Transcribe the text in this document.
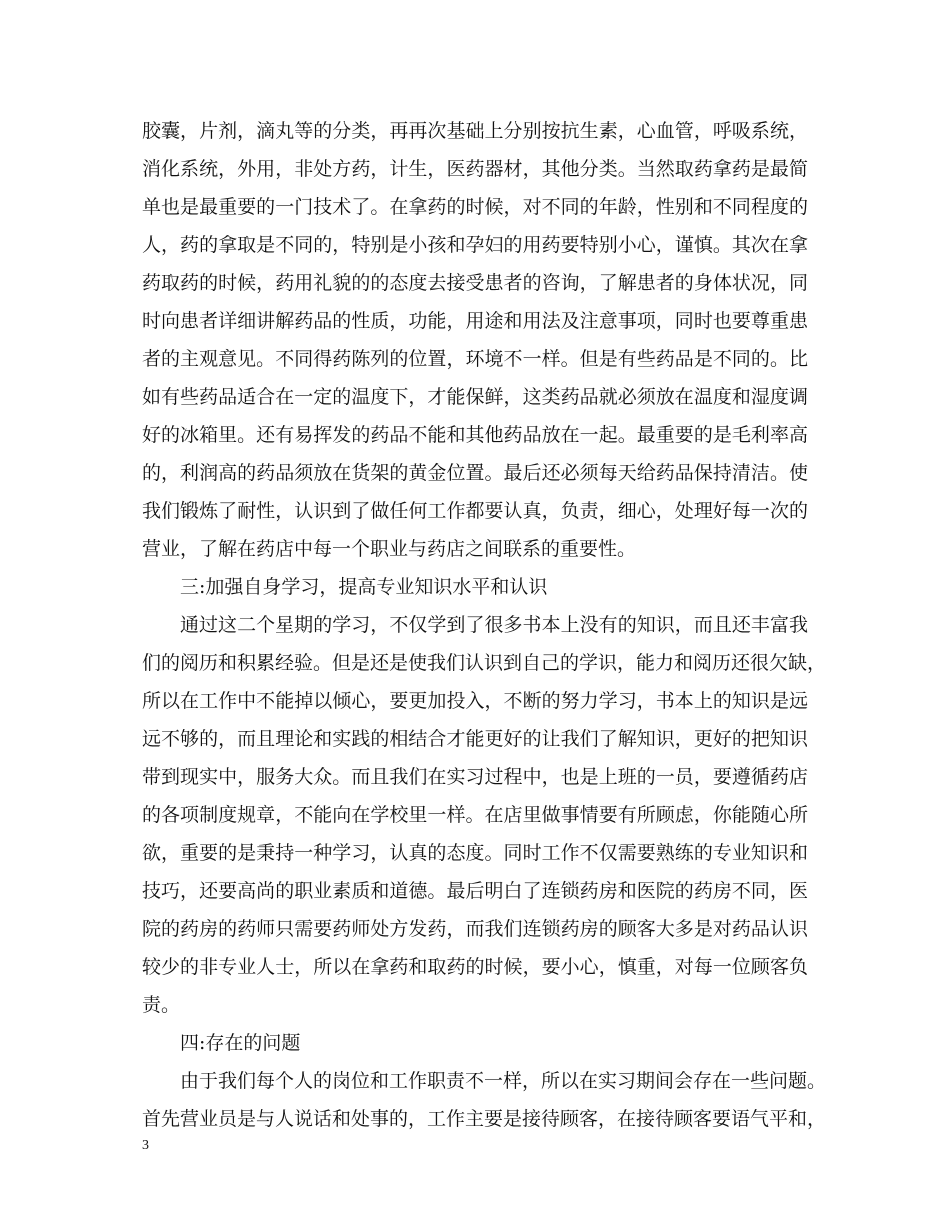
胶囊，片剂，滴丸等的分类，再再次基础上分别按抗生素，心血管，呼吸系统，
消化系统，外用，非处方药，计生，医药器材，其他分类。当然取药拿药是最简
单也是最重要的一门技术了。在拿药的时候，对不同的年龄，性别和不同程度的
人，药的拿取是不同的，特别是小孩和孕妇的用药要特别小心，谨慎。其次在拿
药取药的时候，药用礼貌的的态度去接受患者的咨询，了解患者的身体状况，同
时向患者详细讲解药品的性质，功能，用途和用法及注意事项，同时也要尊重患
者的主观意见。不同得药陈列的位置，环境不一样。但是有些药品是不同的。比
如有些药品适合在一定的温度下，才能保鲜，这类药品就必须放在温度和湿度调
好的冰箱里。还有易挥发的药品不能和其他药品放在一起。最重要的是毛利率高
的，利润高的药品须放在货架的黄金位置。最后还必须每天给药品保持清洁。使
我们锻炼了耐性，认识到了做任何工作都要认真，负责，细心，处理好每一次的
营业，了解在药店中每一个职业与药店之间联系的重要性。
三:加强自身学习，提高专业知识水平和认识
通过这二个星期的学习，不仅学到了很多书本上没有的知识，而且还丰富我
们的阅历和积累经验。但是还是使我们认识到自己的学识，能力和阅历还很欠缺，
所以在工作中不能掉以倾心，要更加投入，不断的努力学习，书本上的知识是远
远不够的，而且理论和实践的相结合才能更好的让我们了解知识，更好的把知识
带到现实中，服务大众。而且我们在实习过程中，也是上班的一员，要遵循药店
的各项制度规章，不能向在学校里一样。在店里做事情要有所顾虑，你能随心所
欲，重要的是秉持一种学习，认真的态度。同时工作不仅需要熟练的专业知识和
技巧，还要高尚的职业素质和道德。最后明白了连锁药房和医院的药房不同，医
院的药房的药师只需要药师处方发药，而我们连锁药房的顾客大多是对药品认识
较少的非专业人士，所以在拿药和取药的时候，要小心，慎重，对每一位顾客负
责。
四:存在的问题
由于我们每个人的岗位和工作职责不一样，所以在实习期间会存在一些问题。
首先营业员是与人说话和处事的，工作主要是接待顾客，在接待顾客要语气平和，
3
